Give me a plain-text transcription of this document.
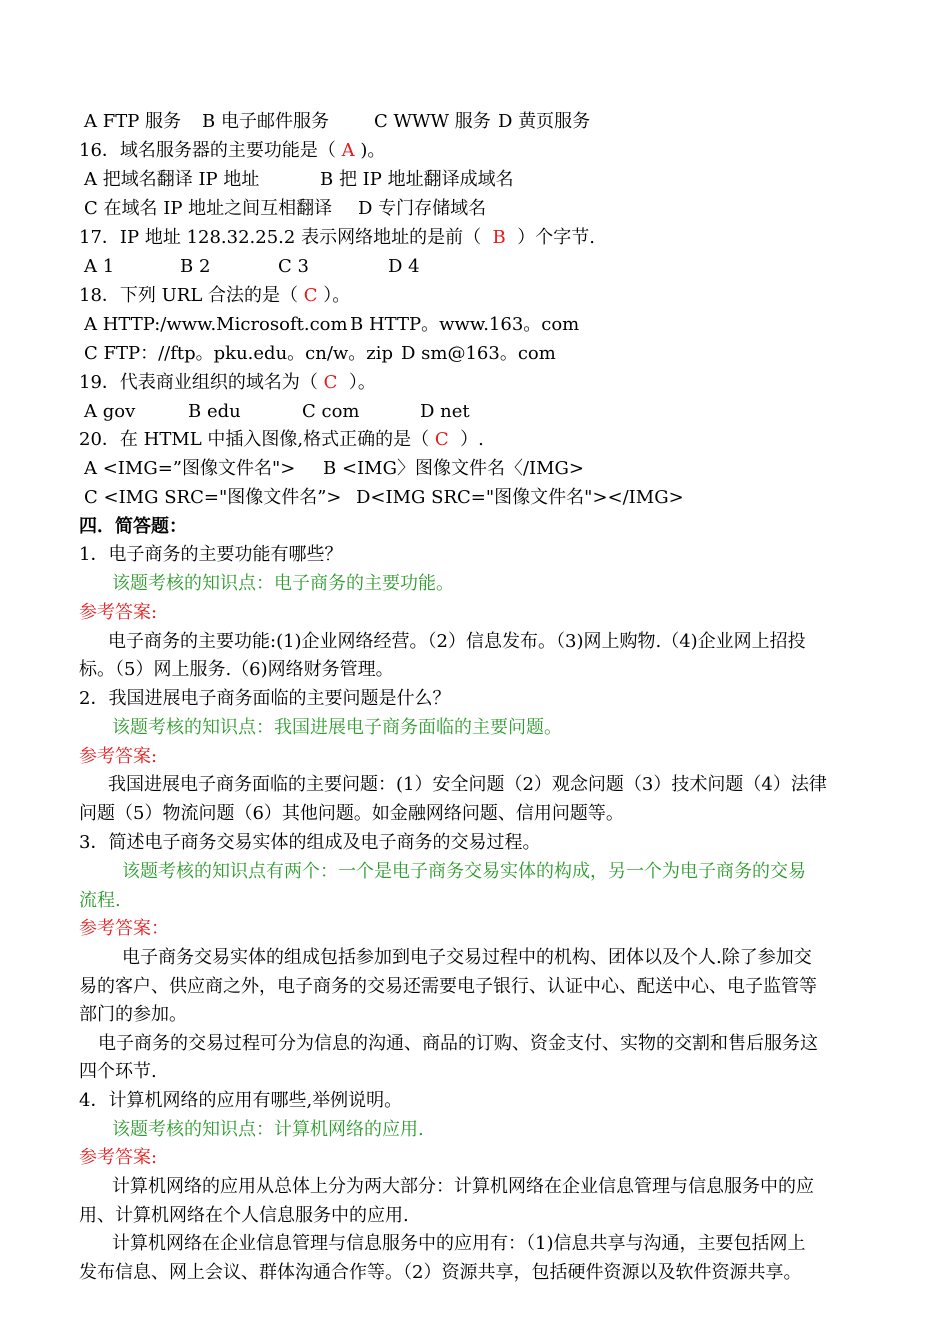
A FTP 服务 B 电子邮件服务	C WWW 服务 D 黄页服务
16．域名服务器的主要功能是（ A )。
A 把域名翻译 IP 地址	B 把 IP 地址翻译成域名
C 在域名 IP 地址之间互相翻译 D 专门存储域名
17．IP 地址 128.32.25.2 表示网络地址的是前（  B  ）个字节.
A 1	B 2	C 3	D 4
18．下列 URL 合法的是（ C ）。
A HTTP:/www.Microsoft.com B HTTP。www.163。com
C FTP：//ftp。pku.edu。cn/w。zip D sm@163。com
19．代表商业组织的域名为（ C  ）。
A gov	B edu	C com	D net
20．在 HTML 中插入图像,格式正确的是（ C  ）.
A <IMG=”图像文件名"> B <IMG〉图像文件名〈/IMG>
C <IMG SRC="图像文件名”> D<IMG SRC="图像文件名"></IMG>
四．简答题：
1．电子商务的主要功能有哪些？
该题考核的知识点：电子商务的主要功能。
参考答案:
电子商务的主要功能:(1)企业网络经营。（2）信息发布。（3)网上购物.（4)企业网上招投
标。（5）网上服务.（6)网络财务管理。
2．我国进展电子商务面临的主要问题是什么？
该题考核的知识点：我国进展电子商务面临的主要问题。
参考答案:
我国进展电子商务面临的主要问题：(1）安全问题（2）观念问题（3）技术问题（4）法律
问题（5）物流问题（6）其他问题。如金融网络问题、信用问题等。
3．简述电子商务交易实体的组成及电子商务的交易过程。
该题考核的知识点有两个：一个是电子商务交易实体的构成，另一个为电子商务的交易
流程.
参考答案：
电子商务交易实体的组成包括参加到电子交易过程中的机构、团体以及个人.除了参加交
易的客户、供应商之外，电子商务的交易还需要电子银行、认证中心、配送中心、电子监管等
部门的参加。
电子商务的交易过程可分为信息的沟通、商品的订购、资金支付、实物的交割和售后服务这
四个环节.
4．计算机网络的应用有哪些,举例说明。
该题考核的知识点：计算机网络的应用.
参考答案:
计算机网络的应用从总体上分为两大部分：计算机网络在企业信息管理与信息服务中的应
用、计算机网络在个人信息服务中的应用.
计算机网络在企业信息管理与信息服务中的应用有：（1)信息共享与沟通，主要包括网上
发布信息、网上会议、群体沟通合作等。（2）资源共享，包括硬件资源以及软件资源共享。
